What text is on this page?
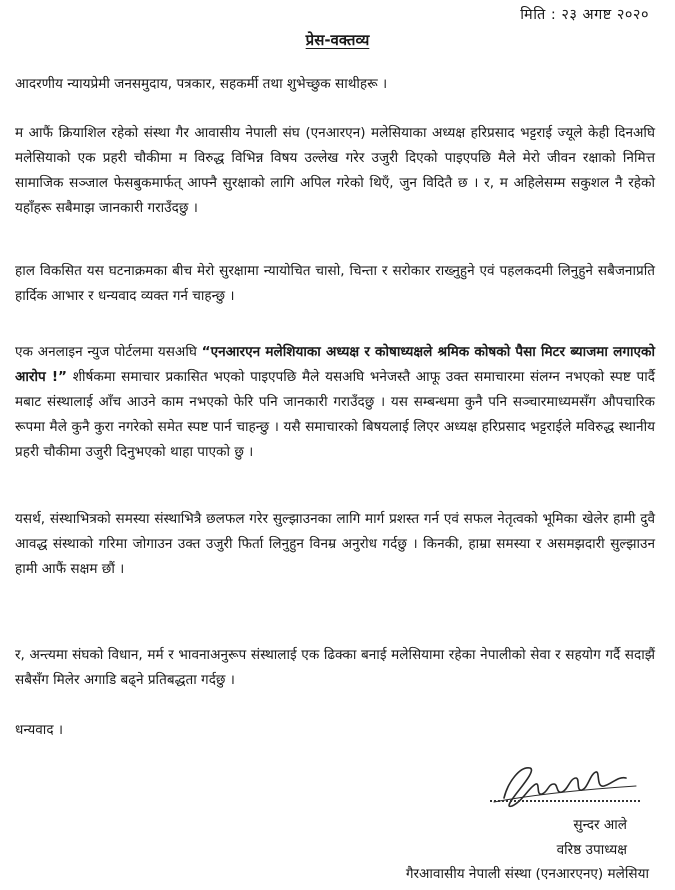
मिति : २३ अगष्ट २०२०
प्रेस-वक्तव्य

आदरणीय न्यायप्रेमी जनसमुदाय, पत्रकार, सहकर्मी तथा शुभेच्छुक साथीहरू ।

म आफैं क्रियाशिल रहेको संस्था गैर आवासीय नेपाली संघ (एनआरएन) मलेसियाका अध्यक्ष हरिप्रसाद भट्टराई ज्यूले केही दिनअघि मलेसियाको एक प्रहरी चौकीमा म विरुद्ध विभिन्न विषय उल्लेख गरेर उजुरी दिएको पाइएपछि मैले मेरो जीवन रक्षाको निमित्त सामाजिक सञ्जाल फेसबुकमार्फत् आफ्नै सुरक्षाको लागि अपिल गरेको थिएँ, जुन विदितै छ । र, म अहिलेसम्म सकुशल नै रहेको यहाँहरू सबैमाझ जानकारी गराउँदछु ।

हाल विकसित यस घटनाक्रमका बीच मेरो सुरक्षामा न्यायोचित चासो, चिन्ता र सरोकार राख्नुहुने एवं पहलकदमी लिनुहुने सबैजनाप्रति हार्दिक आभार र धन्यवाद व्यक्त गर्न चाहन्छु ।

एक अनलाइन न्युज पोर्टलमा यसअघि “एनआरएन मलेशियाका अध्यक्ष र कोषाध्यक्षले श्रमिक कोषको पैसा मिटर ब्याजमा लगाएको आरोप !” शीर्षकमा समाचार प्रकासित भएको पाइएपछि मैले यसअघि भनेजस्तै आफू उक्त समाचारमा संलग्न नभएको स्पष्ट पार्दै मबाट संस्थालाई आँच आउने काम नभएको फेरि पनि जानकारी गराउँदछु । यस सम्बन्धमा कुनै पनि सञ्चारमाध्यमसँग औपचारिक रूपमा मैले कुनै कुरा नगरेको समेत स्पष्ट पार्न चाहन्छु । यसै समाचारको बिषयलाई लिएर अध्यक्ष हरिप्रसाद भट्टराईले मविरुद्ध स्थानीय प्रहरी चौकीमा उजुरी दिनुभएको थाहा पाएको छु ।

यसर्थ, संस्थाभित्रको समस्या संस्थाभित्रै छलफल गरेर सुल्झाउनका लागि मार्ग प्रशस्त गर्न एवं सफल नेतृत्वको भूमिका खेलेर हामी दुवै आवद्ध संस्थाको गरिमा जोगाउन उक्त उजुरी फिर्ता लिनुहुन विनम्र अनुरोध गर्दछु । किनकी, हाम्रा समस्या र असमझदारी सुल्झाउन हामी आफैं सक्षम छौं ।

र, अन्त्यमा संघको विधान, मर्म र भावनाअनुरूप संस्थालाई एक ढिक्का बनाई मलेसियामा रहेका नेपालीको सेवा र सहयोग गर्दै सदाझैं सबैसँग मिलेर अगाडि बढ्ने प्रतिबद्धता गर्दछु ।

धन्यवाद ।

सुन्दर आले
वरिष्ठ उपाध्यक्ष
गैरआवासीय नेपाली संस्था (एनआरएनए) मलेसिया
